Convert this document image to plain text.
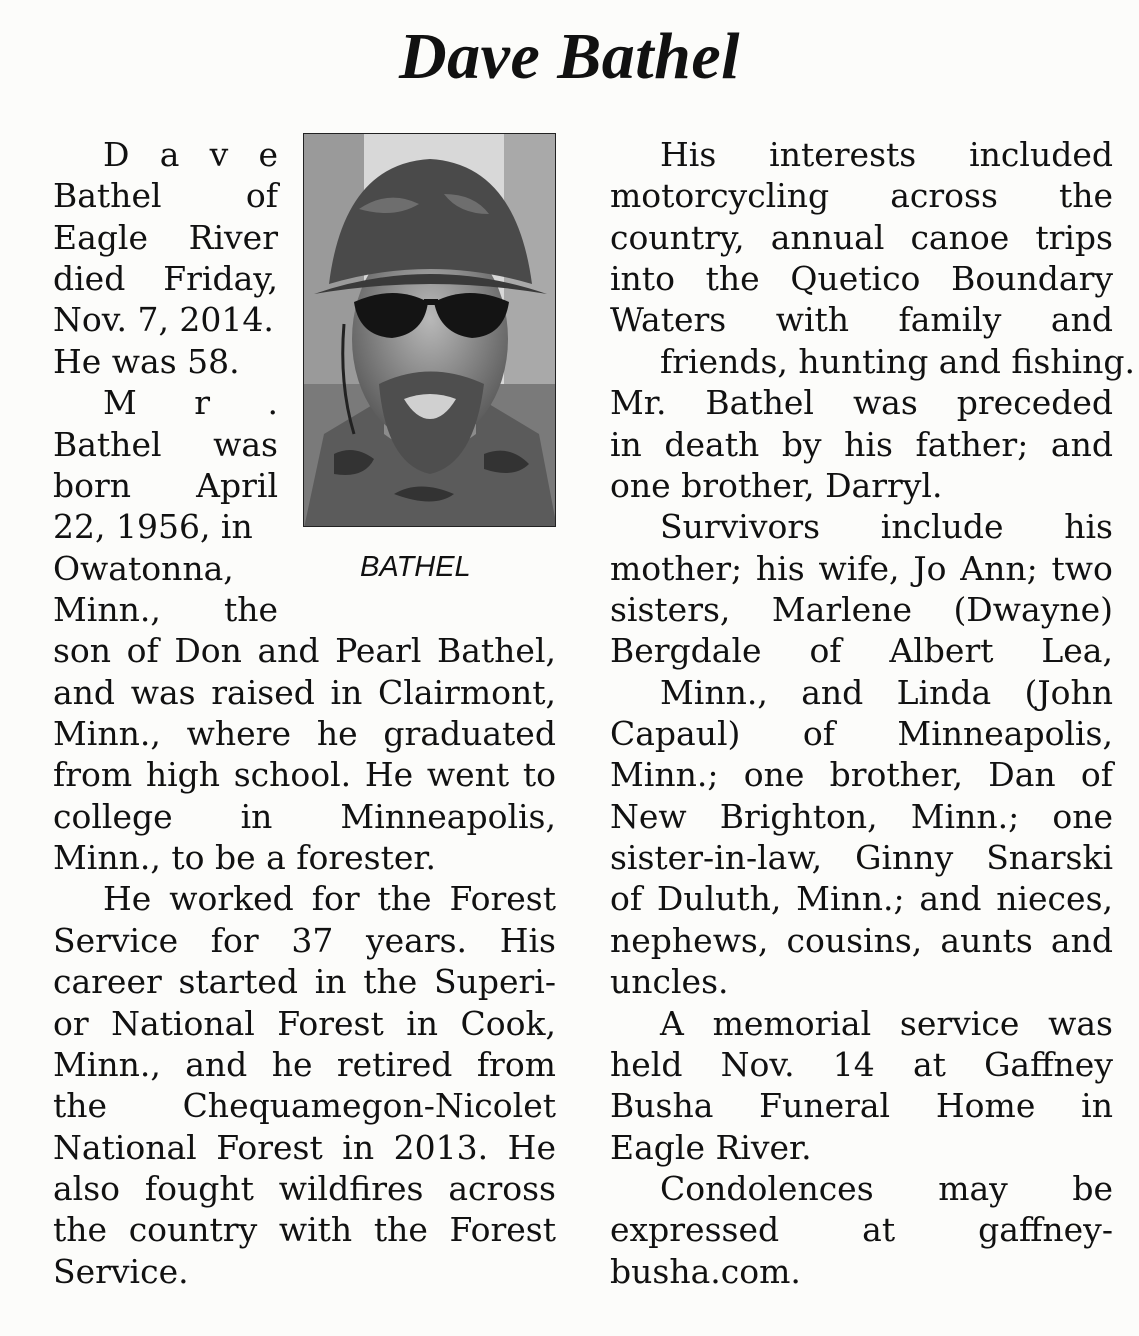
Dave Bathel
BATHEL
D a v e
Bathel	of
Eagle River
died Friday,
Nov. 7, 2014.
He was 58.
M r .
Bathel was
born April
22, 1956, in
Owatonna,
Minn., the
son of Don and Pearl Bathel,
and was raised in Clairmont,
Minn., where he graduated
from high school. He went to
college in Minneapolis,
Minn., to be a forester.
He worked for the Forest
Service for 37 years. His
career started in the Superi-
or National Forest in Cook,
Minn., and he retired from
the Chequamegon-Nicolet
National Forest in 2013. He
also fought wildfires across
the country with the Forest
Service.
His interests included
motorcycling across the
country, annual canoe trips
into the Quetico Boundary
Waters with family and
friends, hunting and fishing.
Mr. Bathel was preceded
in death by his father; and
one brother, Darryl.
Survivors include his
mother; his wife, Jo Ann; two
sisters, Marlene (Dwayne)
Bergdale of Albert Lea,
Minn., and Linda (John
Capaul) of Minneapolis,
Minn.; one brother, Dan of
New Brighton, Minn.; one
sister-in-law, Ginny Snarski
of Duluth, Minn.; and nieces,
nephews, cousins, aunts and
uncles.
A memorial service was
held Nov. 14 at Gaffney
Busha Funeral Home in
Eagle River.
Condolences may be
expressed	at	gaffney-
busha.com.
